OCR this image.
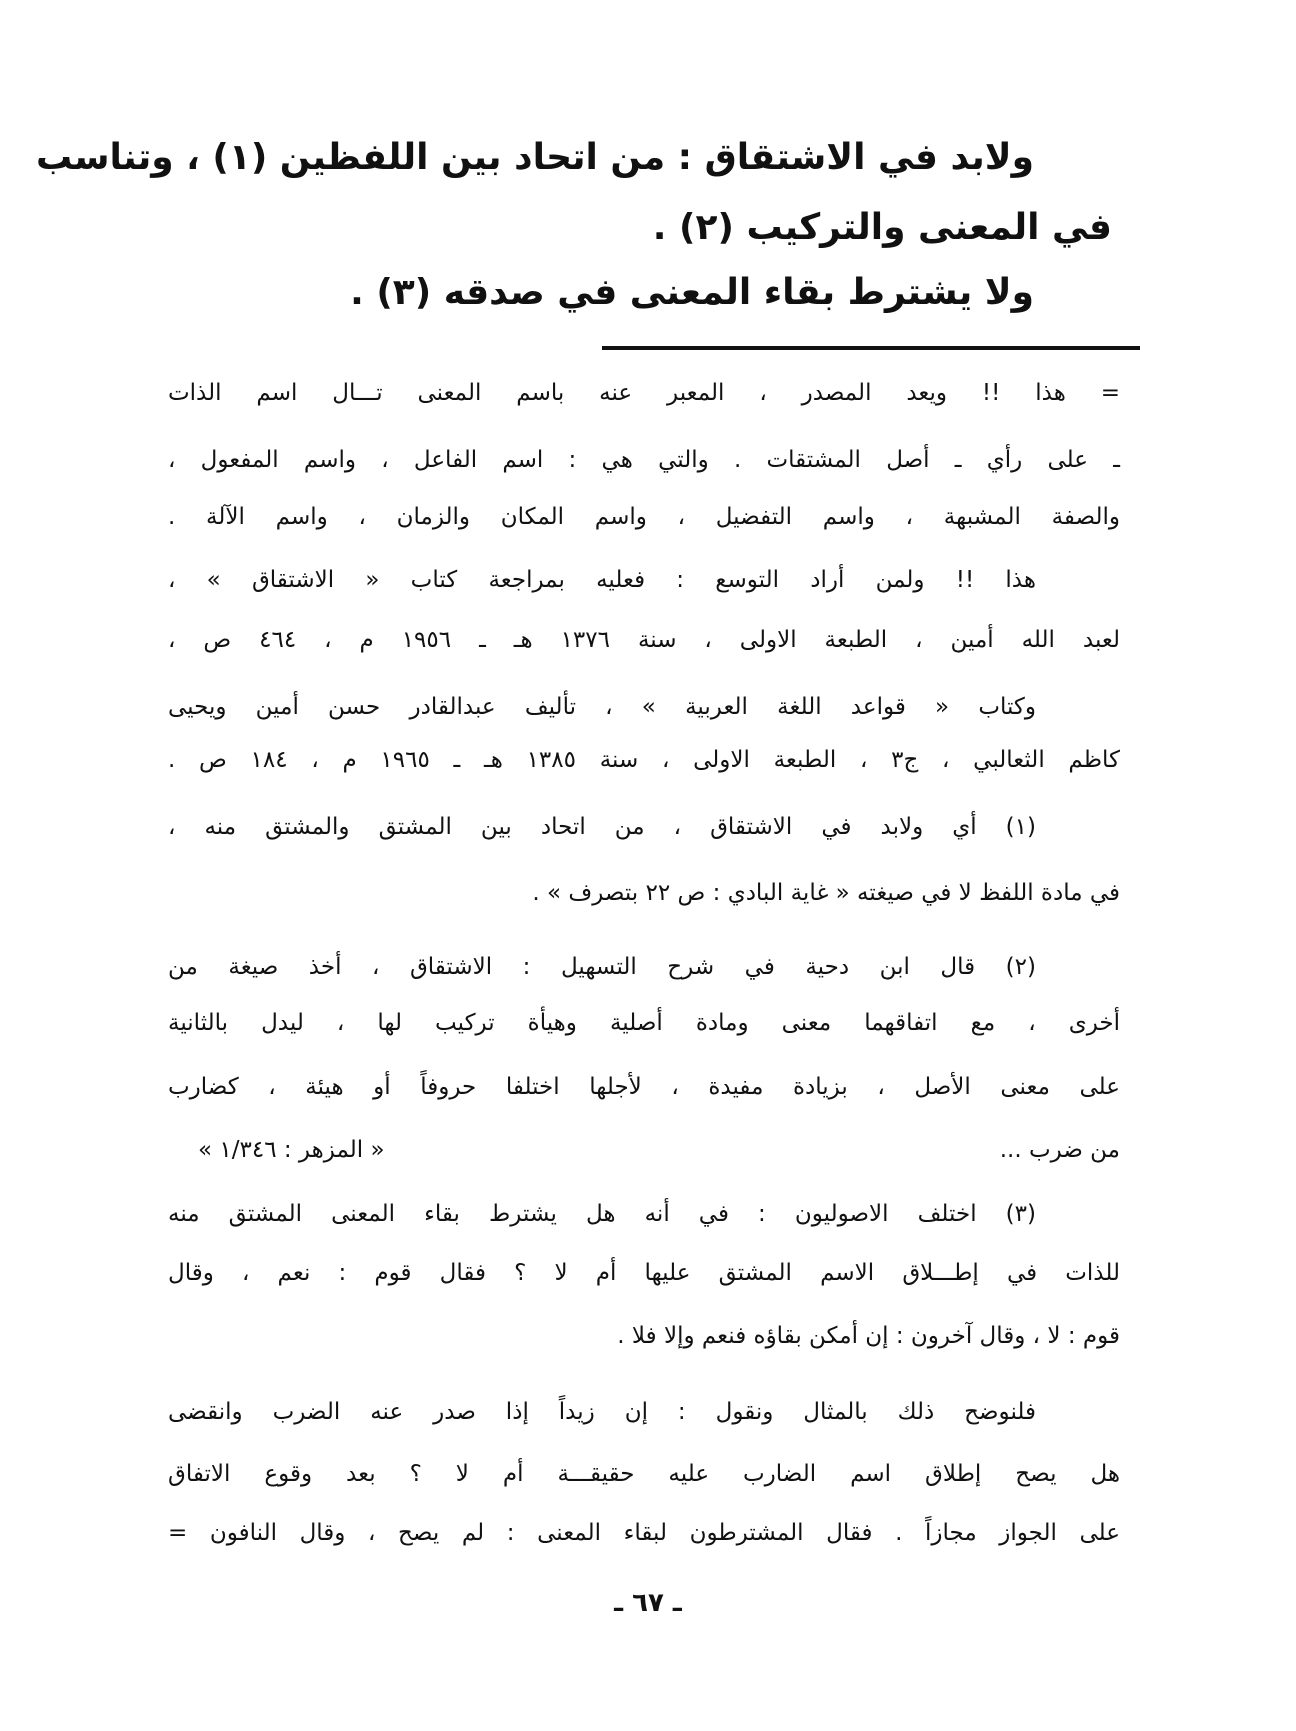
ولابد في الاشتقاق : من اتحاد بين اللفظين (١) ، وتناسب
في المعنى والتركيب (٢) .
ولا يشترط بقاء المعنى في صدقه (٣) .
= هذا !! ويعد المصدر ، المعبر عنه باسم المعنى تـــال اسم الذات
ـ على رأي ـ أصل المشتقات . والتي هي : اسم الفاعل ، واسم المفعول ،
والصفة المشبهة ، واسم التفضيل ، واسم المكان والزمان ، واسم الآلة .
هذا !! ولمن أراد التوسع : فعليه بمراجعة كتاب « الاشتقاق » ،
لعبد الله أمين ، الطبعة الاولى ، سنة ١٣٧٦ هـ ـ ١٩٥٦ م ، ٤٦٤ ص ،
وكتاب « قواعد اللغة العربية » ، تأليف عبدالقادر حسن أمين ويحيى
كاظم الثعالبي ، ج٣ ، الطبعة الاولى ، سنة ١٣٨٥ هـ ـ ١٩٦٥ م ، ١٨٤ ص .
(١) أي ولابد في الاشتقاق ، من اتحاد بين المشتق والمشتق منه ،
في مادة اللفظ لا في صيغته « غاية البادي : ص ٢٢ بتصرف » .
(٢) قال ابن دحية في شرح التسهيل : الاشتقاق ، أخذ صيغة من
أخرى ، مع اتفاقهما معنى ومادة أصلية وهيأة تركيب لها ، ليدل بالثانية
على معنى الأصل ، بزيادة مفيدة ، لأجلها اختلفا حروفاً أو هيئة ، كضارب
من ضرب ...
« المزهر : ١/٣٤٦ »
(٣) اختلف الاصوليون : في أنه هل يشترط بقاء المعنى المشتق منه
للذات في إطـــلاق الاسم المشتق عليها أم لا ؟ فقال قوم : نعم ، وقال
قوم : لا ، وقال آخرون : إن أمكن بقاؤه فنعم وإلا فلا .
فلنوضح ذلك بالمثال ونقول : إن زيداً إذا صدر عنه الضرب وانقضى
هل يصح إطلاق اسم الضارب عليه حقيقـــة أم لا ؟ بعد وقوع الاتفاق
على الجواز مجازاً . فقال المشترطون لبقاء المعنى : لم يصح ، وقال النافون =
ـ ٦٧ ـ
